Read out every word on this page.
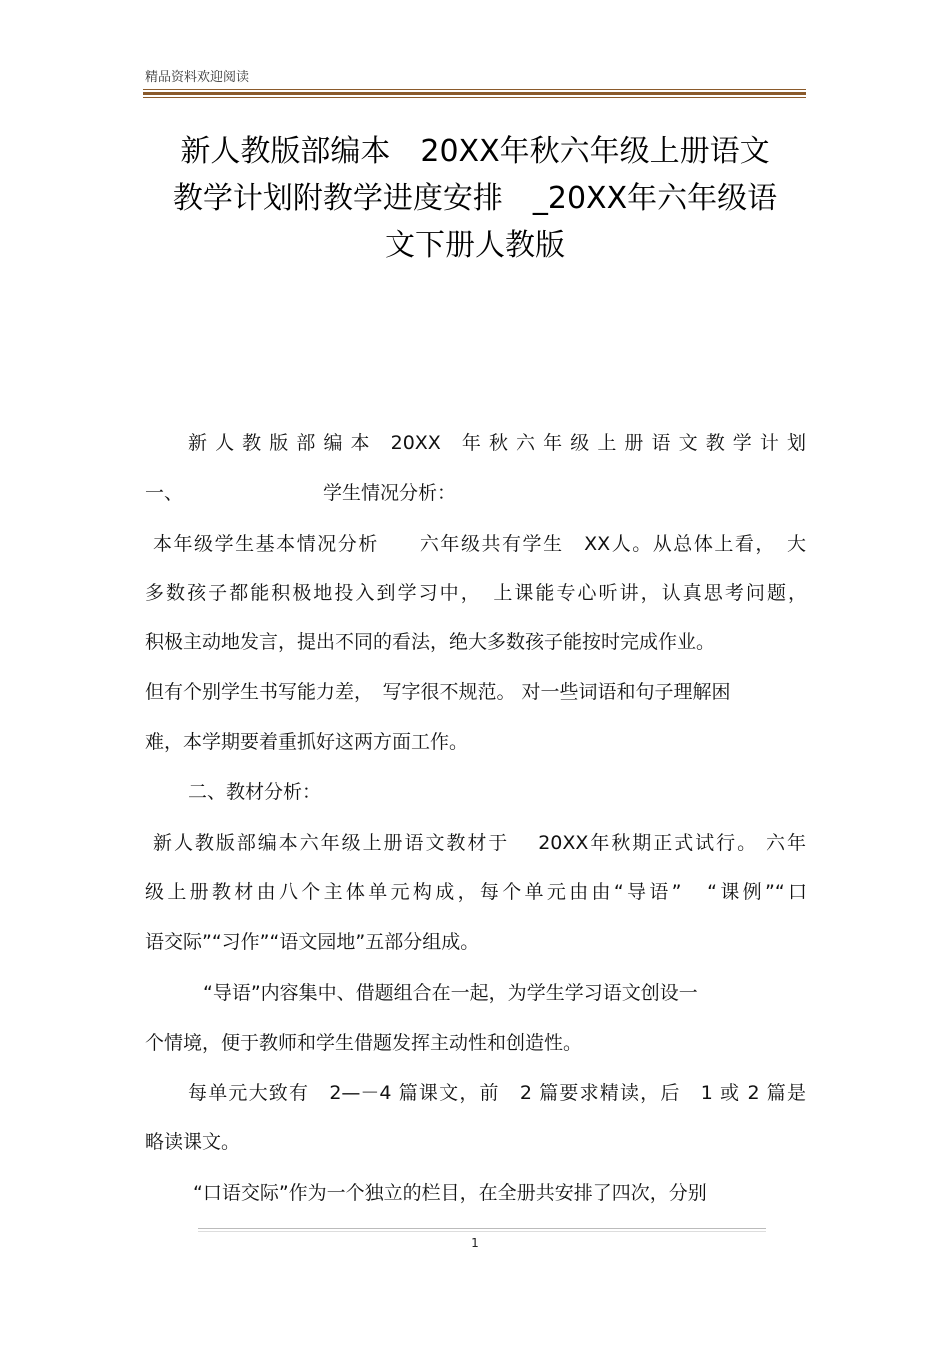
精品资料欢迎阅读
新人教版部编本　20XX年秋六年级上册语文
教学计划附教学进度安排　_20XX年六年级语
文下册人教版
新 人 教 版 部 编 本　20XX　年 秋 六 年 级 上 册 语 文 教 学 计 划
一、	学生情况分析：
本年级学生基本情况分析　　六年级共有学生　XX人。从总体上看，　大
多数孩子都能积极地投入到学习中，　上课能专心听讲，认真思考问题，
积极主动地发言，提出不同的看法，绝大多数孩子能按时完成作业。
但有个别学生书写能力差，　写字很不规范。 对一些词语和句子理解困
难，本学期要着重抓好这两方面工作。
二、教材分析：
新人教版部编本六年级上册语文教材于　 20XX年秋期正式试行。 六年
级上册教材由八个主体单元构成，每个单元由由“导语”　“课例”“口
语交际”“习作”“语文园地”五部分组成。
“导语”内容集中、借题组合在一起，为学生学习语文创设一
个情境，便于教师和学生借题发挥主动性和创造性。
每单元大致有　2—－4 篇课文，前　2 篇要求精读，后　1 或 2 篇是
略读课文。
“口语交际”作为一个独立的栏目，在全册共安排了四次，分别
1
